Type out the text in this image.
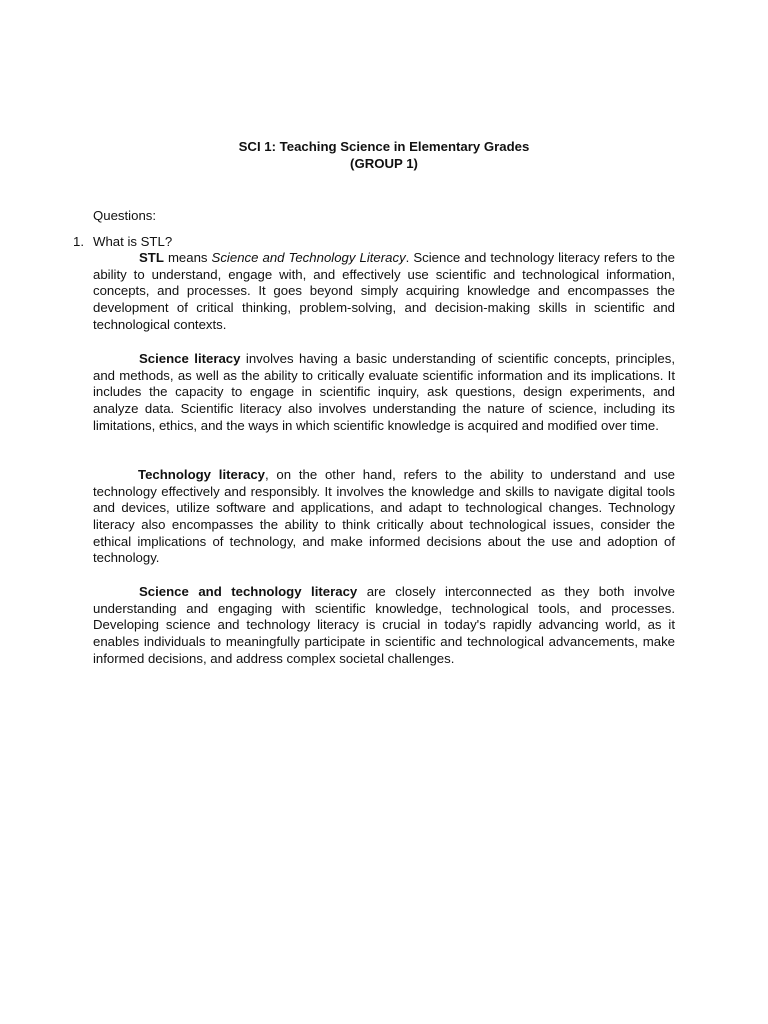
SCI 1: Teaching Science in Elementary Grades
(GROUP 1)
Questions:
1. What is STL?

STL means Science and Technology Literacy. Science and technology literacy refers to the ability to understand, engage with, and effectively use scientific and technological information, concepts, and processes. It goes beyond simply acquiring knowledge and encompasses the development of critical thinking, problem-solving, and decision-making skills in scientific and technological contexts.

Science literacy involves having a basic understanding of scientific concepts, principles, and methods, as well as the ability to critically evaluate scientific information and its implications. It includes the capacity to engage in scientific inquiry, ask questions, design experiments, and analyze data. Scientific literacy also involves understanding the nature of science, including its limitations, ethics, and the ways in which scientific knowledge is acquired and modified over time.

Technology literacy, on the other hand, refers to the ability to understand and use technology effectively and responsibly. It involves the knowledge and skills to navigate digital tools and devices, utilize software and applications, and adapt to technological changes. Technology literacy also encompasses the ability to think critically about technological issues, consider the ethical implications of technology, and make informed decisions about the use and adoption of technology.

Science and technology literacy are closely interconnected as they both involve understanding and engaging with scientific knowledge, technological tools, and processes. Developing science and technology literacy is crucial in today's rapidly advancing world, as it enables individuals to meaningfully participate in scientific and technological advancements, make informed decisions, and address complex societal challenges.
